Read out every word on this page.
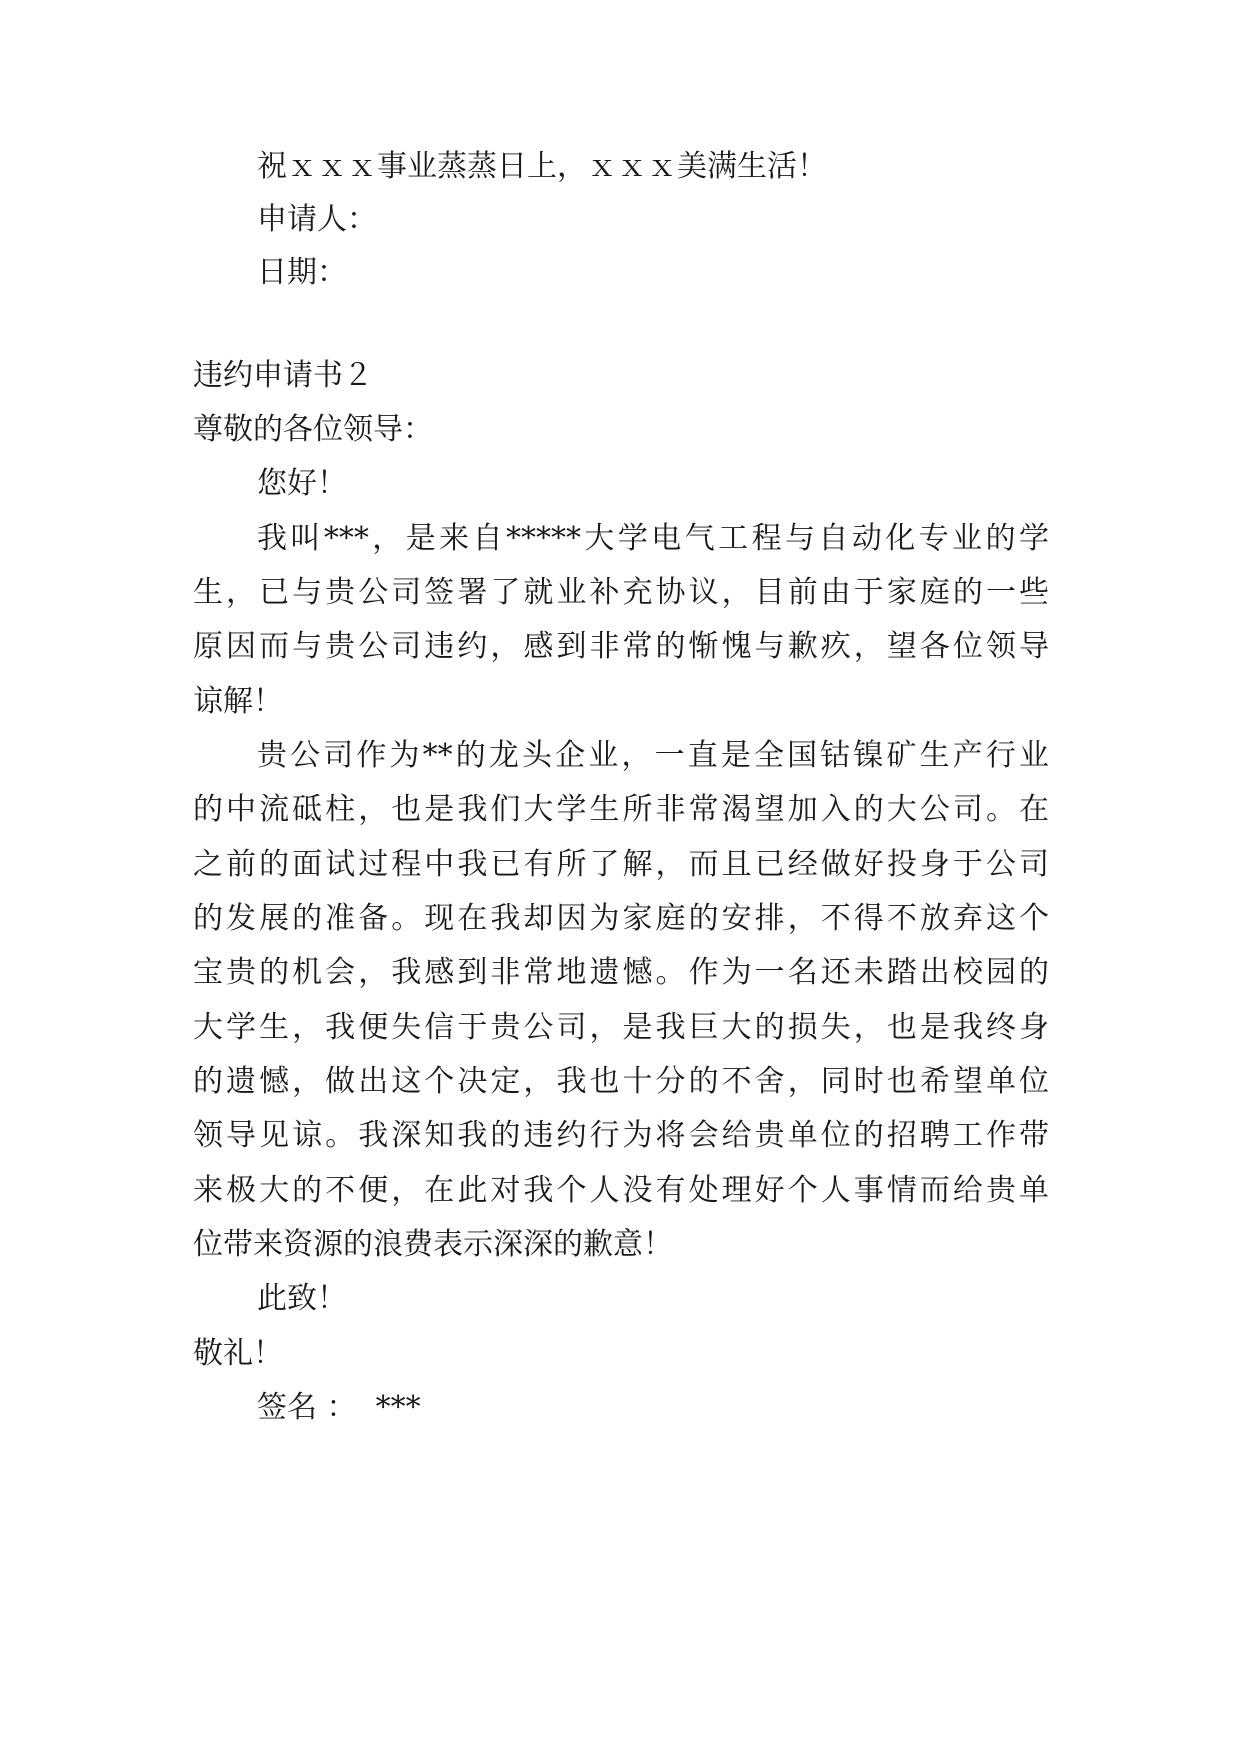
祝ｘｘｘ事业蒸蒸日上，ｘｘｘ美满生活！
申请人：
日期：
违约申请书２
尊敬的各位领导：
您好！
我叫***，是来自*****大学电气工程与自动化专业的学
生，已与贵公司签署了就业补充协议，目前由于家庭的一些
原因而与贵公司违约，感到非常的惭愧与歉疚，望各位领导
谅解！
贵公司作为**的龙头企业，一直是全国钴镍矿生产行业
的中流砥柱，也是我们大学生所非常渴望加入的大公司。在
之前的面试过程中我已有所了解，而且已经做好投身于公司
的发展的准备。现在我却因为家庭的安排，不得不放弃这个
宝贵的机会，我感到非常地遗憾。作为一名还未踏出校园的
大学生，我便失信于贵公司，是我巨大的损失，也是我终身
的遗憾，做出这个决定，我也十分的不舍，同时也希望单位
领导见谅。我深知我的违约行为将会给贵单位的招聘工作带
来极大的不便，在此对我个人没有处理好个人事情而给贵单
位带来资源的浪费表示深深的歉意！
此致！
敬礼！
签名 ：  ***
